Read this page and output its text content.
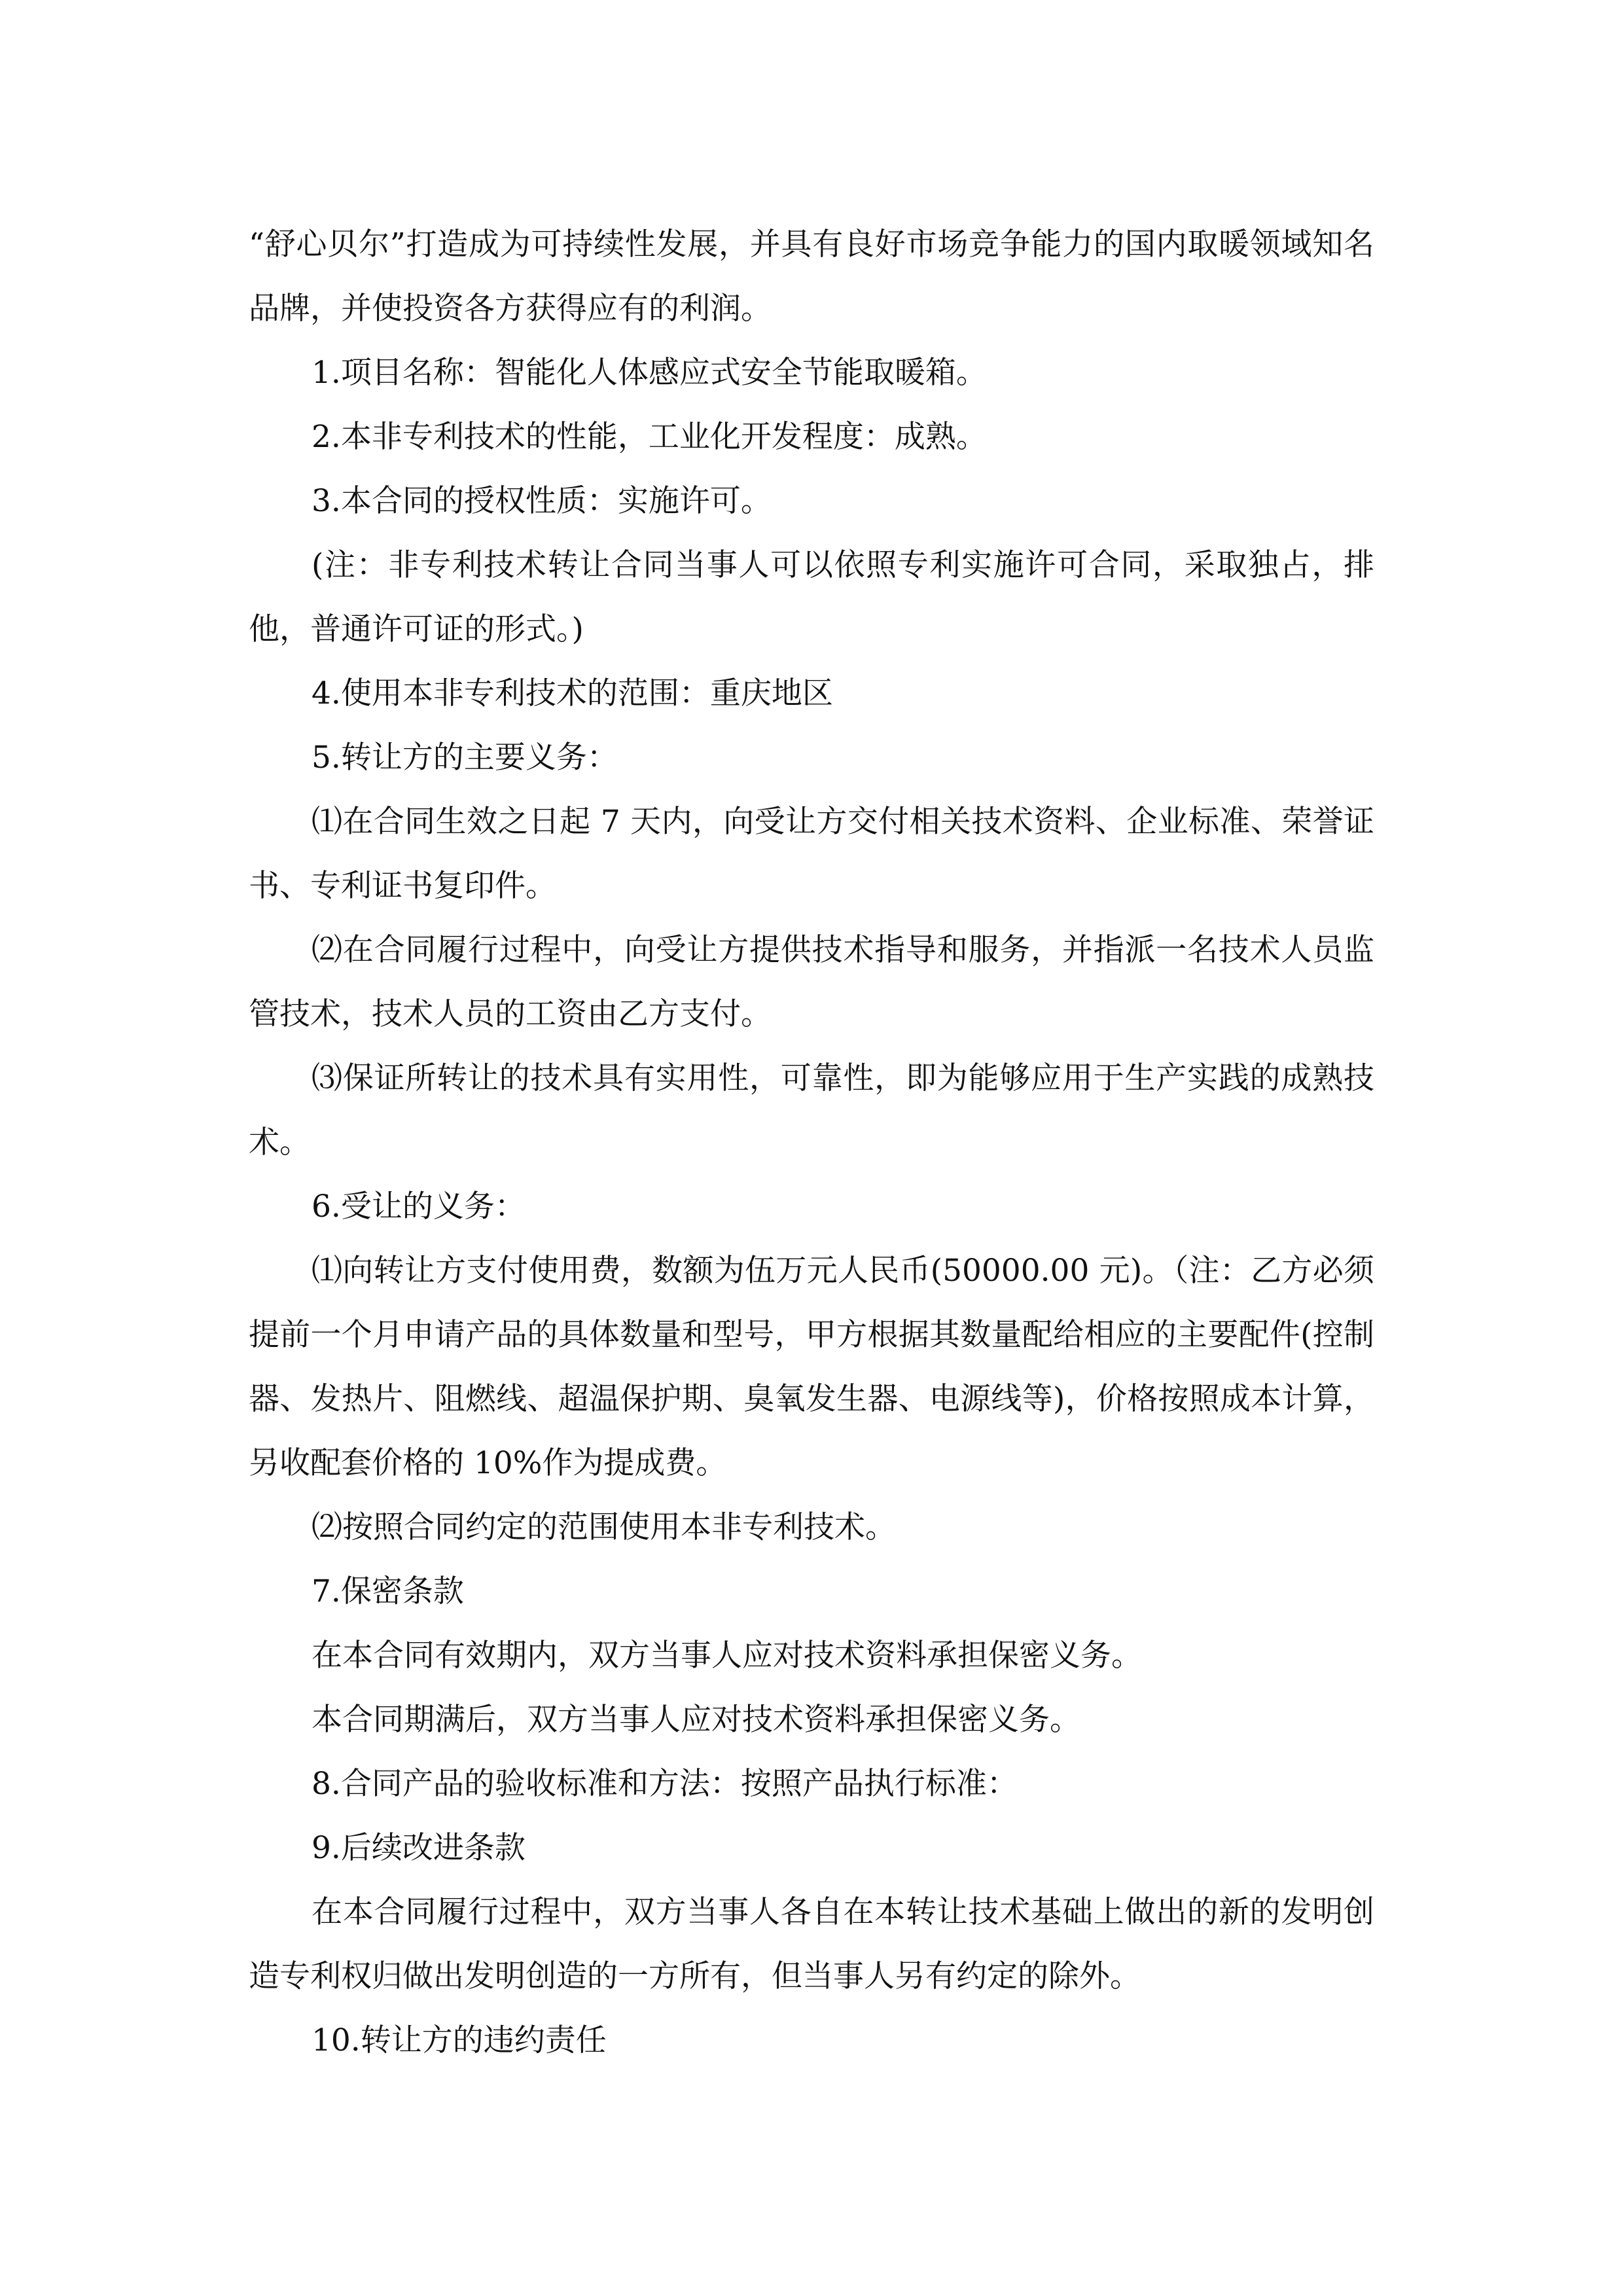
“舒心贝尔”打造成为可持续性发展，并具有良好市场竞争能力的国内取暖领域知名品牌，并使投资各方获得应有的利润。

1.项目名称：智能化人体感应式安全节能取暖箱。

2.本非专利技术的性能，工业化开发程度：成熟。

3.本合同的授权性质：实施许可。

(注：非专利技术转让合同当事人可以依照专利实施许可合同，采取独占，排他，普通许可证的形式。)

4.使用本非专利技术的范围：重庆地区

5.转让方的主要义务：

⑴在合同生效之日起 7 天内，向受让方交付相关技术资料、企业标准、荣誉证书、专利证书复印件。

⑵在合同履行过程中，向受让方提供技术指导和服务，并指派一名技术人员监管技术，技术人员的工资由乙方支付。

⑶保证所转让的技术具有实用性，可靠性，即为能够应用于生产实践的成熟技术。

6.受让的义务：

⑴向转让方支付使用费，数额为伍万元人民币(50000.00 元)。（注：乙方必须提前一个月申请产品的具体数量和型号，甲方根据其数量配给相应的主要配件(控制器、发热片、阻燃线、超温保护期、臭氧发生器、电源线等)，价格按照成本计算，另收配套价格的 10%作为提成费。

⑵按照合同约定的范围使用本非专利技术。

7.保密条款

在本合同有效期内，双方当事人应对技术资料承担保密义务。

本合同期满后，双方当事人应对技术资料承担保密义务。

8.合同产品的验收标准和方法：按照产品执行标准：

9.后续改进条款

在本合同履行过程中，双方当事人各自在本转让技术基础上做出的新的发明创造专利权归做出发明创造的一方所有，但当事人另有约定的除外。

10.转让方的违约责任
